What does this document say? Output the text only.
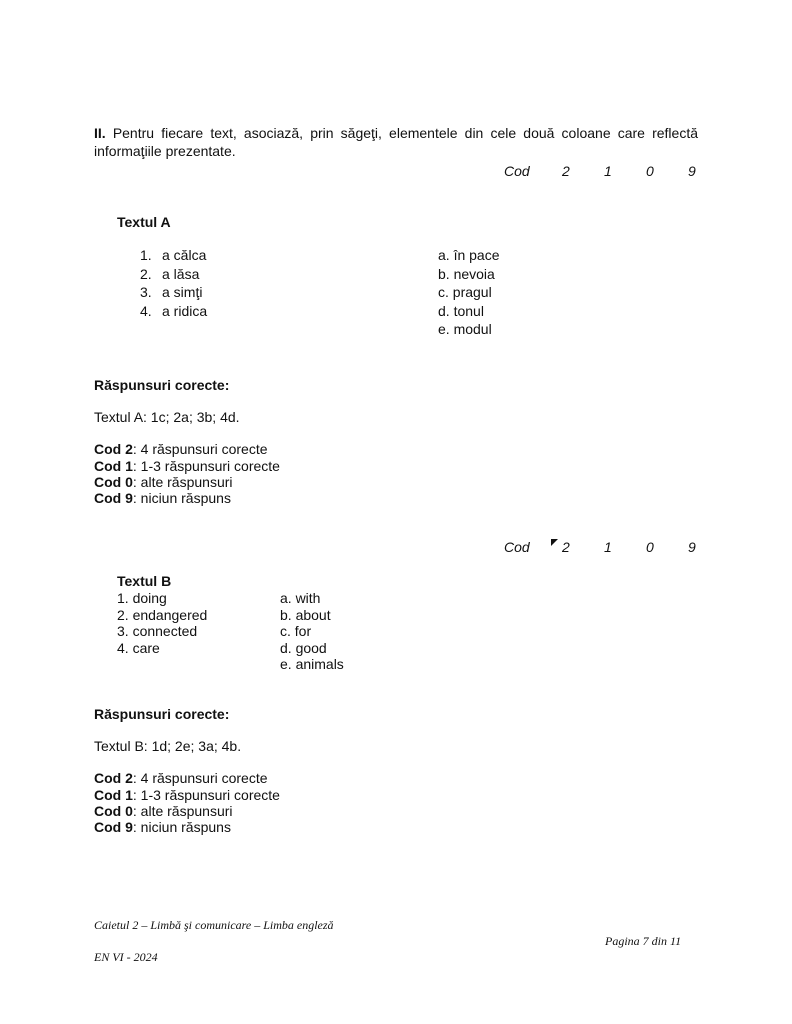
II. Pentru fiecare text, asociază, prin săgeţi, elementele din cele două coloane care reflectă informaţiile prezentate.
Cod 2 1 0 9
Textul A
1. a călca
2. a lăsa
3. a simţi
4. a ridica
a. în pace
b. nevoia
c. pragul
d. tonul
e. modul
Răspunsuri corecte:
Textul A: 1c; 2a; 3b; 4d.
Cod 2: 4 răspunsuri corecte
Cod 1: 1-3 răspunsuri corecte
Cod 0: alte răspunsuri
Cod 9: niciun răspuns
Cod 2 1 0 9
Textul B
1. doing
2. endangered
3. connected
4. care
a. with
b. about
c. for
d. good
e. animals
Răspunsuri corecte:
Textul B: 1d; 2e; 3a; 4b.
Cod 2: 4 răspunsuri corecte
Cod 1: 1-3 răspunsuri corecte
Cod 0: alte răspunsuri
Cod 9: niciun răspuns
Caietul 2 – Limbă şi comunicare – Limba engleză
Pagina 7 din 11
EN VI - 2024
